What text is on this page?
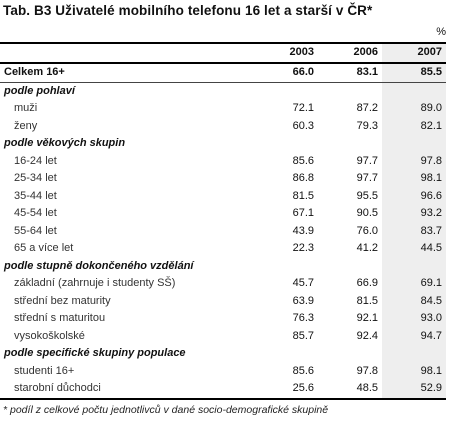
Tab. B3 Uživatelé mobilního telefonu 16 let a starší v ČR*
%
	2003	2006	2007
Celkem 16+	66.0	83.1	85.5
podle pohlaví			
muži	72.1	87.2	89.0
ženy	60.3	79.3	82.1
podle věkových skupin			
16-24 let	85.6	97.7	97.8
25-34 let	86.8	97.7	98.1
35-44 let	81.5	95.5	96.6
45-54 let	67.1	90.5	93.2
55-64 let	43.9	76.0	83.7
65 a více let	22.3	41.2	44.5
podle stupně dokončeného vzdělání			
základní (zahrnuje i studenty SŠ)	45.7	66.9	69.1
střední bez maturity	63.9	81.5	84.5
střední s maturitou	76.3	92.1	93.0
vysokoškolské	85.7	92.4	94.7
podle specifické skupiny populace			
studenti 16+	85.6	97.8	98.1
starobní důchodci	25.6	48.5	52.9
* podíl z celkové počtu jednotlivců v dané socio-demografické skupině
